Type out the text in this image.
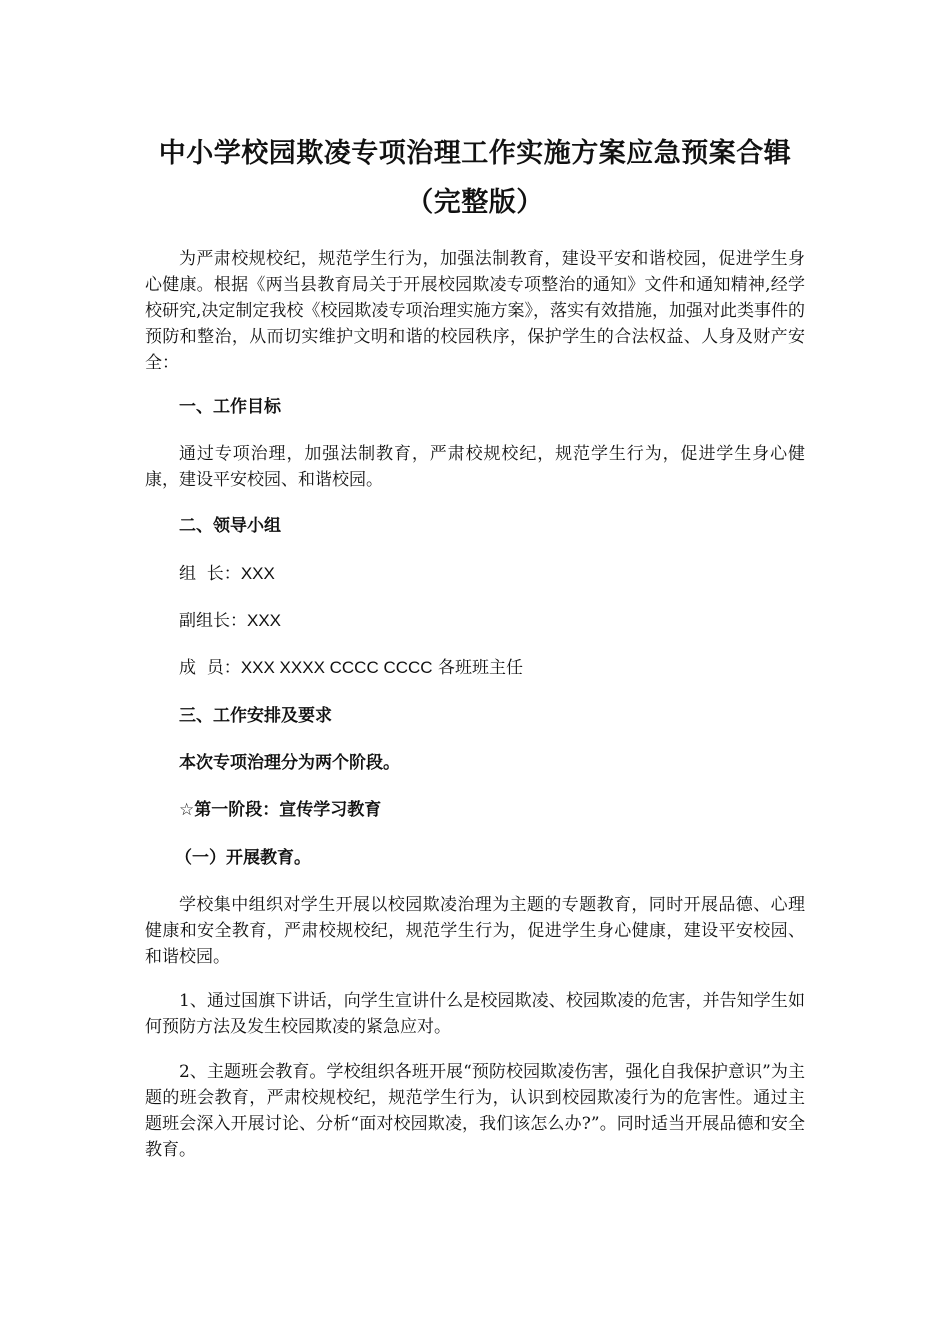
中小学校园欺凌专项治理工作实施方案应急预案合辑
（完整版）

为严肃校规校纪，规范学生行为，加强法制教育，建设平安和谐校园，促进学生身心健康。根据《两当县教育局关于开展校园欺凌专项整治的通知》文件和通知精神,经学校研究,决定制定我校《校园欺凌专项治理实施方案》，落实有效措施，加强对此类事件的预防和整治，从而切实维护文明和谐的校园秩序，保护学生的合法权益、人身及财产安全：

一、工作目标

通过专项治理，加强法制教育，严肃校规校纪，规范学生行为，促进学生身心健康，建设平安校园、和谐校园。

二、领导小组

组  长：XXX

副组长：XXX

成  员：XXX XXXX CCCC CCCC 各班班主任

三、工作安排及要求

本次专项治理分为两个阶段。

☆第一阶段：宣传学习教育

（一）开展教育。

学校集中组织对学生开展以校园欺凌治理为主题的专题教育，同时开展品德、心理健康和安全教育，严肃校规校纪，规范学生行为，促进学生身心健康，建设平安校园、和谐校园。

1、通过国旗下讲话，向学生宣讲什么是校园欺凌、校园欺凌的危害，并告知学生如何预防方法及发生校园欺凌的紧急应对。

2、主题班会教育。学校组织各班开展“预防校园欺凌伤害，强化自我保护意识”为主题的班会教育，严肃校规校纪，规范学生行为，认识到校园欺凌行为的危害性。通过主题班会深入开展讨论、分析“面对校园欺凌，我们该怎么办?”。同时适当开展品德和安全教育。
